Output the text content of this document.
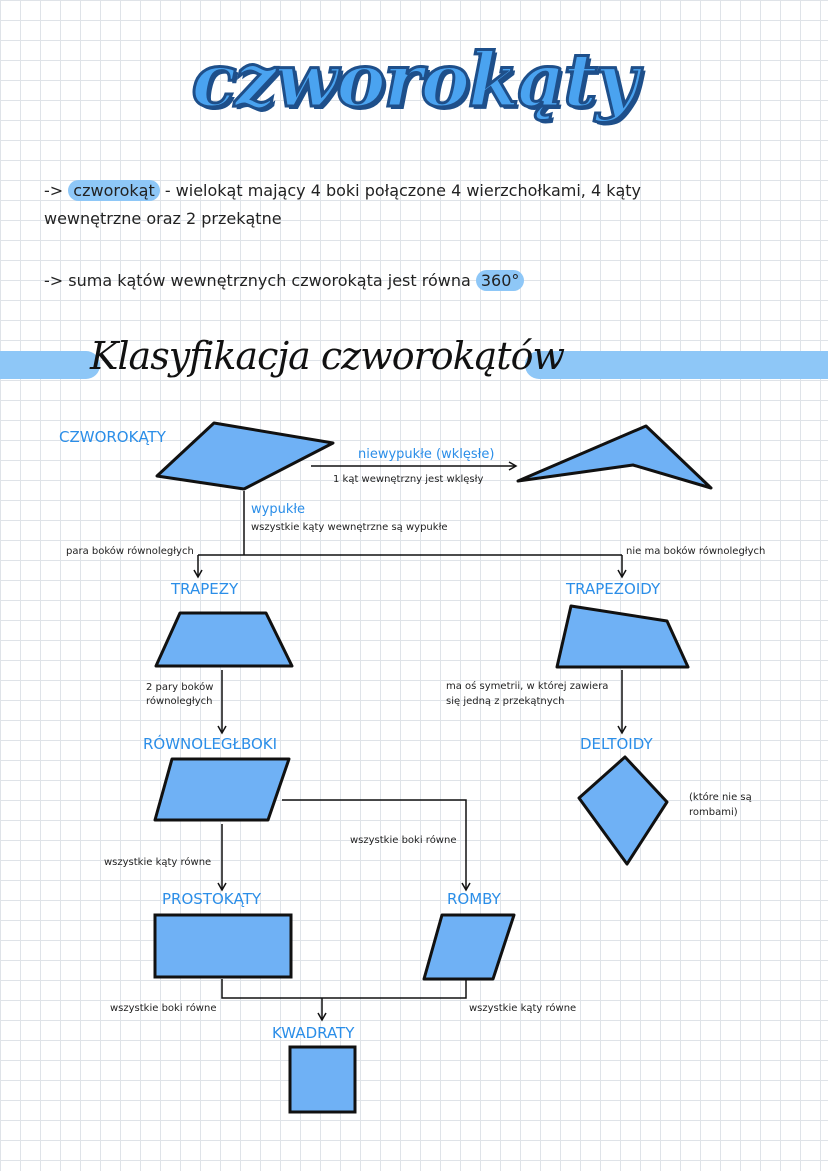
czworokąty
-> czworokąt - wielokąt mający 4 boki połączone 4 wierzchołkami, 4 kąty
wewnętrzne oraz 2 przekątne
-> suma kątów wewnętrznych czworokąta jest równa 360°
Klasyfikacja czworokątów
CZWOROKĄTY
niewypukłe (wklęsłe)
1 kąt wewnętrzny jest wklęsły
wypukłe
wszystkie kąty wewnętrzne są wypukłe
para boków równoległych	nie ma boków równoległych
TRAPEZY	TRAPEZOIDY
2 pary boków
równoległych
ma oś symetrii, w której zawiera
się jedną z przekątnych
RÓWNOLEGŁBOKI	DELTOIDY
(które nie są
rombami)
wszystkie boki równe
wszystkie kąty równe
PROSTOKĄTY	ROMBY
wszystkie boki równe	wszystkie kąty równe
KWADRATY
